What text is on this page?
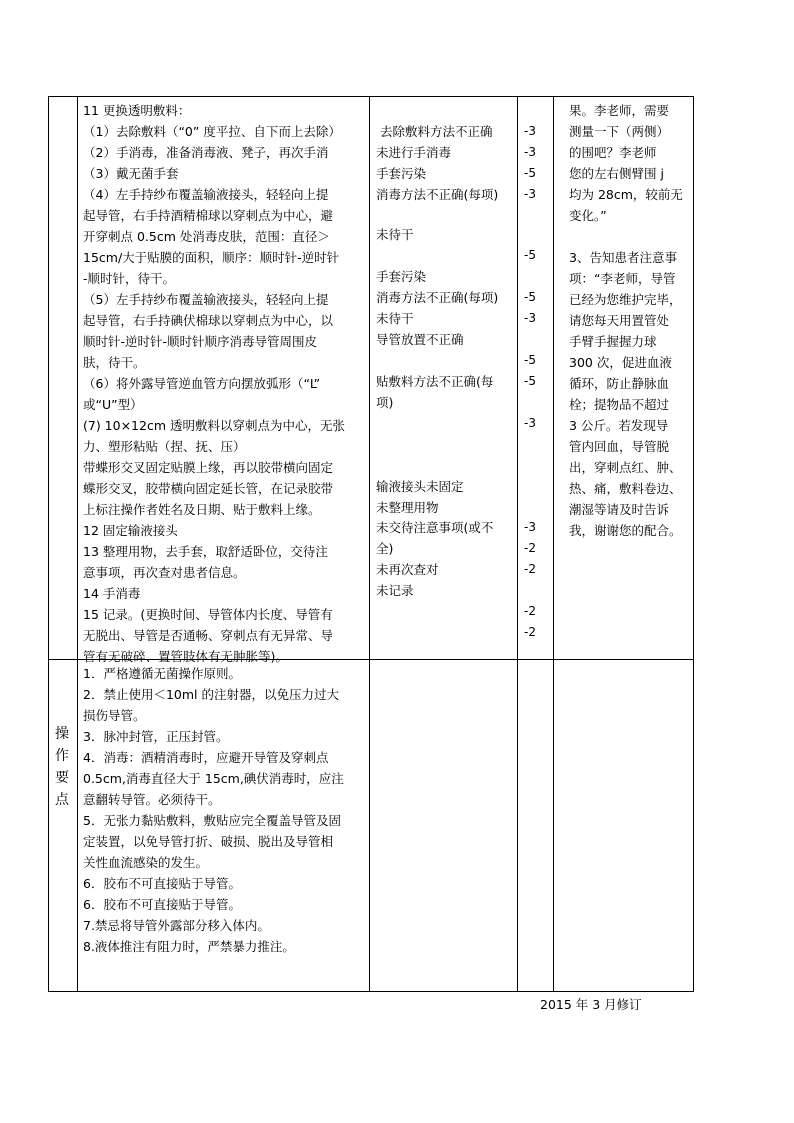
操
作
要
点
11 更换透明敷料：
（1）去除敷料（“0” 度平拉、自下而上去除）
（2）手消毒，准备消毒液、凳子，再次手消
（3）戴无菌手套
（4）左手持纱布覆盖输液接头，轻轻向上提
起导管，右手持酒精棉球以穿刺点为中心，避
开穿刺点 0.5cm 处消毒皮肤，范围：直径＞
15cm/大于贴膜的面积，顺序：顺时针-逆时针
-顺时针，待干。
（5）左手持纱布覆盖输液接头，轻轻向上提
起导管，右手持碘伏棉球以穿刺点为中心，以
顺时针-逆时针-顺时针顺序消毒导管周围皮
肤，待干。
（6）将外露导管逆血管方向摆放弧形（“L”
或“U”型）
(7) 10×12cm 透明敷料以穿刺点为中心，无张
力、塑形粘贴（捏、抚、压）
带蝶形交叉固定贴膜上缘，再以胶带横向固定
蝶形交叉，胶带横向固定延长管，在记录胶带
上标注操作者姓名及日期、贴于敷料上缘。
12 固定输液接头
13 整理用物，去手套，取舒适卧位，交待注
意事项，再次查对患者信息。
14 手消毒
15 记录。(更换时间、导管体内长度、导管有
无脱出、导管是否通畅、穿刺点有无异常、导
管有无破碎、置管肢体有无肿胀等)。
去除敷料方法不正确
未进行手消毒
手套污染
消毒方法不正确(每项)
未待干
手套污染
消毒方法不正确(每项)
未待干
导管放置不正确
贴敷料方法不正确(每
项)
输液接头未固定
未整理用物
未交待注意事项(或不
全)
未再次查对
未记录
-3
-3
-5
-3
-5
-5
-3
-5
-5
-3
-3
-2
-2
-2
-2
果。李老师，需要
测量一下（两侧）
的围吧？李老师
您的左右侧臂围 j
均为 28cm，较前无
变化。”
3、告知患者注意事
项：“李老师，导管
已经为您维护完毕，
请您每天用置管处
手臂手握握力球
300 次，促进血液
循环，防止静脉血
栓；提物品不超过
3 公斤。若发现导
管内回血，导管脱
出，穿刺点红、肿、
热、痛，敷料卷边、
潮湿等请及时告诉
我，谢谢您的配合。
1．严格遵循无菌操作原则。
2．禁止使用＜10ml 的注射器，以免压力过大
损伤导管。
3．脉冲封管，正压封管。
4．消毒：酒精消毒时，应避开导管及穿刺点
0.5cm,消毒直径大于 15cm,碘伏消毒时，应注
意翻转导管。必须待干。
5．无张力黏贴敷料，敷贴应完全覆盖导管及固
定装置，以免导管打折、破损、脱出及导管相
关性血流感染的发生。
6．胶布不可直接贴于导管。
6．胶布不可直接贴于导管。
7.禁忌将导管外露部分移入体内。
8.液体推注有阻力时，严禁暴力推注。
2015 年 3 月修订
